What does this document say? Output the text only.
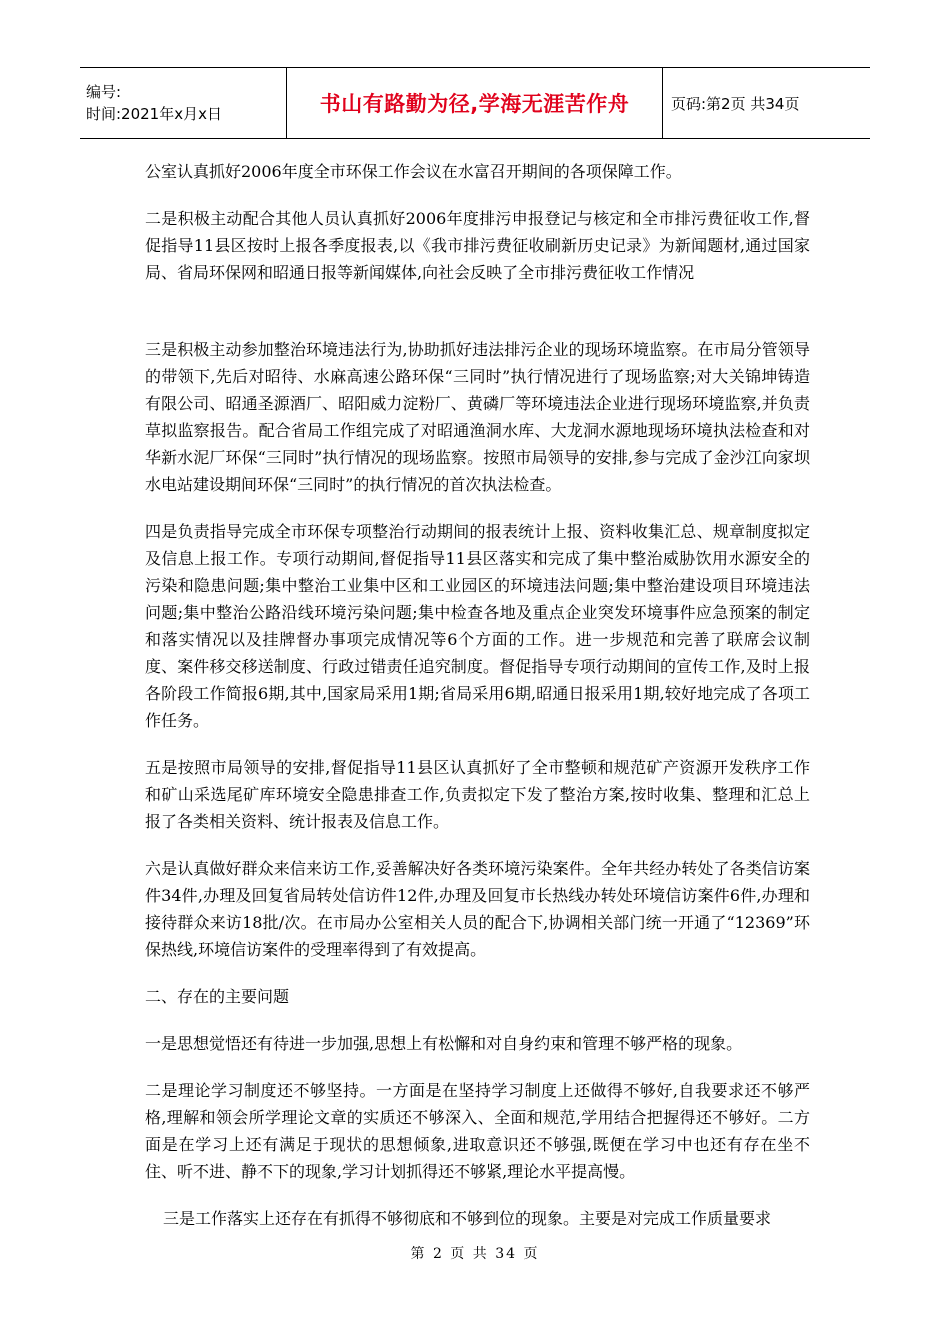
编号:
时间:2021年x月x日	书山有路勤为径,学海无涯苦作舟	页码:第2页 共34页

公室认真抓好2006年度全市环保工作会议在水富召开期间的各项保障工作。

二是积极主动配合其他人员认真抓好2006年度排污申报登记与核定和全市排污费征收工作,督促指导11县区按时上报各季度报表,以《我市排污费征收刷新历史记录》为新闻题材,通过国家局、省局环保网和昭通日报等新闻媒体,向社会反映了全市排污费征收工作情况

三是积极主动参加整治环境违法行为,协助抓好违法排污企业的现场环境监察。在市局分管领导的带领下,先后对昭待、水麻高速公路环保“三同时”执行情况进行了现场监察;对大关锦坤铸造有限公司、昭通圣源酒厂、昭阳威力淀粉厂、黄磷厂等环境违法企业进行现场环境监察,并负责草拟监察报告。配合省局工作组完成了对昭通渔洞水库、大龙洞水源地现场环境执法检查和对华新水泥厂环保“三同时”执行情况的现场监察。按照市局领导的安排,参与完成了金沙江向家坝水电站建设期间环保“三同时”的执行情况的首次执法检查。

四是负责指导完成全市环保专项整治行动期间的报表统计上报、资料收集汇总、规章制度拟定及信息上报工作。专项行动期间,督促指导11县区落实和完成了集中整治威胁饮用水源安全的污染和隐患问题;集中整治工业集中区和工业园区的环境违法问题;集中整治建设项目环境违法问题;集中整治公路沿线环境污染问题;集中检查各地及重点企业突发环境事件应急预案的制定和落实情况以及挂牌督办事项完成情况等6个方面的工作。进一步规范和完善了联席会议制度、案件移交移送制度、行政过错责任追究制度。督促指导专项行动期间的宣传工作,及时上报各阶段工作简报6期,其中,国家局采用1期;省局采用6期,昭通日报采用1期,较好地完成了各项工作任务。

五是按照市局领导的安排,督促指导11县区认真抓好了全市整顿和规范矿产资源开发秩序工作和矿山采选尾矿库环境安全隐患排查工作,负责拟定下发了整治方案,按时收集、整理和汇总上报了各类相关资料、统计报表及信息工作。

六是认真做好群众来信来访工作,妥善解决好各类环境污染案件。全年共经办转处了各类信访案件34件,办理及回复省局转处信访件12件,办理及回复市长热线办转处环境信访案件6件,办理和接待群众来访18批/次。在市局办公室相关人员的配合下,协调相关部门统一开通了“12369”环保热线,环境信访案件的受理率得到了有效提高。

二、存在的主要问题

一是思想觉悟还有待进一步加强,思想上有松懈和对自身约束和管理不够严格的现象。

二是理论学习制度还不够坚持。一方面是在坚持学习制度上还做得不够好,自我要求还不够严格,理解和领会所学理论文章的实质还不够深入、全面和规范,学用结合把握得还不够好。二方面是在学习上还有满足于现状的思想倾象,进取意识还不够强,既便在学习中也还有存在坐不住、听不进、静不下的现象,学习计划抓得还不够紧,理论水平提高慢。

三是工作落实上还存在有抓得不够彻底和不够到位的现象。主要是对完成工作质量要求

第 2 页 共 34 页
